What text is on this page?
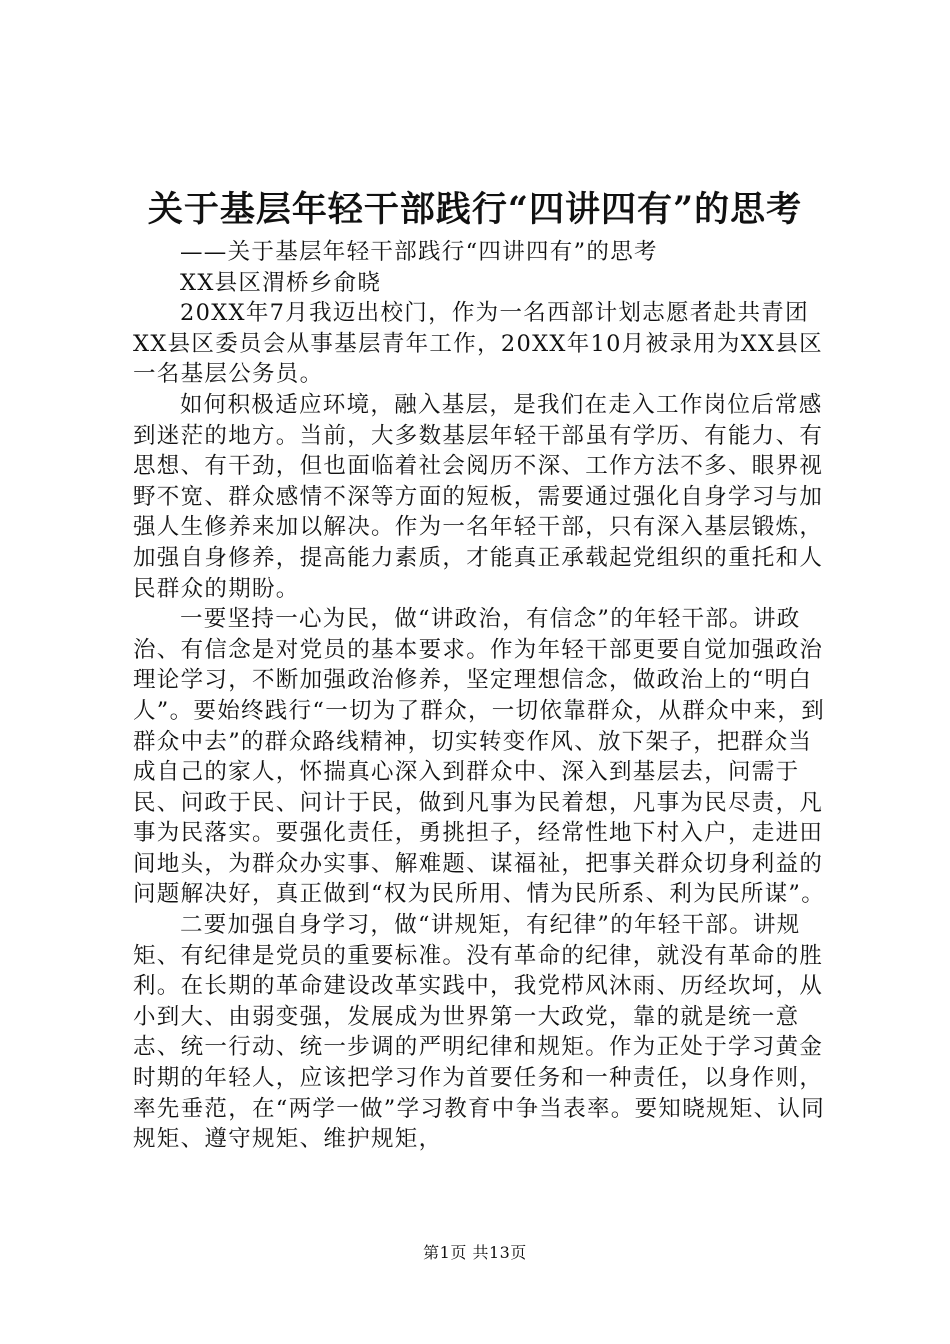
关于基层年轻干部践行“四讲四有”的思考

——关于基层年轻干部践行“四讲四有”的思考

XX县区渭桥乡俞晓

20XX年7月我迈出校门，作为一名西部计划志愿者赴共青团XX县区委员会从事基层青年工作，20XX年10月被录用为XX县区一名基层公务员。

如何积极适应环境，融入基层，是我们在走入工作岗位后常感到迷茫的地方。当前，大多数基层年轻干部虽有学历、有能力、有思想、有干劲，但也面临着社会阅历不深、工作方法不多、眼界视野不宽、群众感情不深等方面的短板，需要通过强化自身学习与加强人生修养来加以解决。作为一名年轻干部，只有深入基层锻炼，加强自身修养，提高能力素质，才能真正承载起党组织的重托和人民群众的期盼。

一要坚持一心为民，做“讲政治，有信念”的年轻干部。讲政治、有信念是对党员的基本要求。作为年轻干部更要自觉加强政治理论学习，不断加强政治修养，坚定理想信念，做政治上的“明白人”。要始终践行“一切为了群众，一切依靠群众，从群众中来，到群众中去”的群众路线精神，切实转变作风、放下架子，把群众当成自己的家人，怀揣真心深入到群众中、深入到基层去，问需于民、问政于民、问计于民，做到凡事为民着想，凡事为民尽责，凡事为民落实。要强化责任，勇挑担子，经常性地下村入户，走进田间地头，为群众办实事、解难题、谋福祉，把事关群众切身利益的问题解决好，真正做到“权为民所用、情为民所系、利为民所谋”。

二要加强自身学习，做“讲规矩，有纪律”的年轻干部。讲规矩、有纪律是党员的重要标准。没有革命的纪律，就没有革命的胜利。在长期的革命建设改革实践中，我党栉风沐雨、历经坎坷，从小到大、由弱变强，发展成为世界第一大政党，靠的就是统一意志、统一行动、统一步调的严明纪律和规矩。作为正处于学习黄金时期的年轻人，应该把学习作为首要任务和一种责任，以身作则，率先垂范，在“两学一做”学习教育中争当表率。要知晓规矩、认同规矩、遵守规矩、维护规矩，

第1页 共13页
